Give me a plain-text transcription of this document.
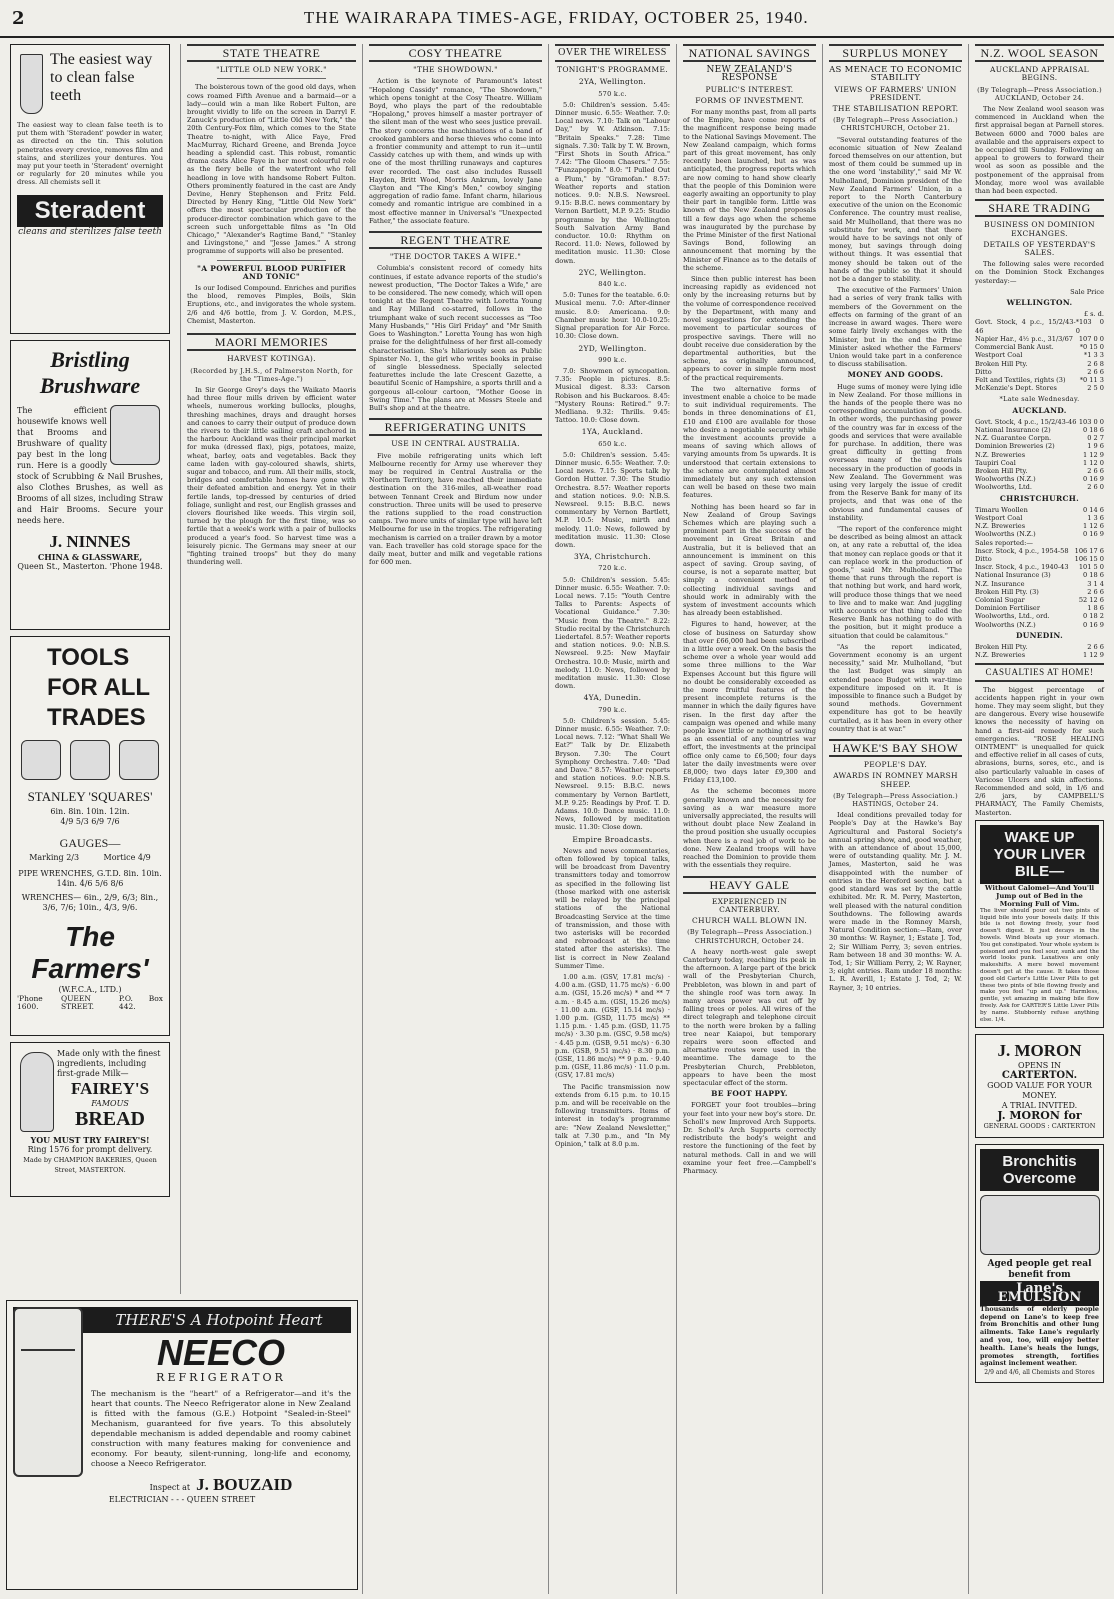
2	THE WAIRARAPA TIMES-AGE, FRIDAY, OCTOBER 25, 1940.
The easiest way to clean false teeth
The easiest way to clean false teeth is to put them with 'Steradent' powder in water, as directed on the tin. This solution penetrates every crevice, removes film and stains, and sterilizes your dentures. You may put your teeth in 'Steradent' overnight or regularly for 20 minutes while you dress. All chemists sell it
Steradent
cleans and sterilizes false teeth
Bristling Brushware
The efficient housewife knows well that Brooms and Brushware of quality pay best in the long run. Here is a goodly stock of Scrubbing & Nail Brushes, also Clothes Brushes, as well as Brooms of all sizes, including Straw and Hair Brooms. Secure your needs here.
J. NINNES
CHINA & GLASSWARE,
Queen St., Masterton. 'Phone 1948.
TOOLS FOR ALL TRADES
STANLEY 'SQUARES'
6in. 8in. 10in. 12in.
4/9 5/3 6/9 7/6
GAUGES—
Marking 2/3	Mortice 4/9
PIPE WRENCHES, G.T.D. 8in. 10in. 14in. 4/6 5/6 8/6
WRENCHES— 6in., 2/9, 6/3; 8in., 3/6, 7/6; 10in., 4/3, 9/6.
The Farmers'
(W.F.C.A., LTD.)
'Phone 1600.
QUEEN STREET.
P.O. Box 442.
Made only with the finest ingredients, including first-grade Milk—
FAIREY'S
FAMOUS
BREAD
YOU MUST TRY FAIREY'S!
Ring 1576 for prompt delivery.
Made by CHAMPION BAKERIES, Queen Street, MASTERTON.
THERE'S A Hotpoint Heart
NEECO
REFRIGERATOR
The mechanism is the "heart" of a Refrigerator—and it's the heart that counts. The Neeco Refrigerator alone in New Zealand is fitted with the famous (G.E.) Hotpoint "Sealed-in-Steel" Mechanism, guaranteed for five years. To this absolutely dependable mechanism is added dependable and roomy cabinet construction with many features making for convenience and economy. For beauty, silent-running, long-life and economy, choose a Neeco Refrigerator.
Inspect at J. BOUZAID
ELECTRICIAN - - - QUEEN STREET
STATE THEATRE
"LITTLE OLD NEW YORK."
The boisterous town of the good old days, when cows roamed Fifth Avenue and a barmaid—or a lady—could win a man like Robert Fulton, are brought vividly to life on the screen in Darryl F. Zanuck's production of "Little Old New York," the 20th Century-Fox film, which comes to the State Theatre to-night, with Alice Faye, Fred MacMurray, Richard Greene, and Brenda Joyce heading a splendid cast. This robust, romantic drama casts Alice Faye in her most colourful role as the fiery belle of the waterfront who fell headlong in love with handsome Robert Fulton. Others prominently featured in the cast are Andy Devine, Henry Stephenson and Fritz Feld. Directed by Henry King, "Little Old New York" offers the most spectacular production of the producer-director combination which gave to the screen such unforgettable films as "In Old Chicago," "Alexander's Ragtime Band," "Stanley and Livingstone," and "Jesse James." A strong programme of supports will also be presented.
"A POWERFUL BLOOD PURIFIER AND TONIC"
Is our Iodised Compound. Enriches and purifies the blood, removes Pimples, Boils, Skin Eruptions, etc., and invigorates the whole system. 2/6 and 4/6 bottle, from J. V. Gordon, M.P.S., Chemist, Masterton.
MAORI MEMORIES
HARVEST KOTINGA).
(Recorded by J.H.S., of Palmerston North, for the "Times-Age.")
In Sir George Grey's days the Waikato Maoris had three flour mills driven by efficient water wheels, numerous working bullocks, ploughs, threshing machines, drays and draught horses and canoes to carry their output of produce down the rivers to their little sailing craft anchored in the harbour. Auckland was their principal market for muka (dressed flax), pigs, potatoes, maize, wheat, barley, oats and vegetables. Back they came laden with gay-coloured shawls, shirts, sugar and tobacco, and rum. All their mills, stock, bridges and comfortable homes have gone with their defeated ambition and energy. Yet in their fertile lands, top-dressed by centuries of dried foliage, sunlight and rest, our English grasses and clovers flourished like weeds. This virgin soil, turned by the plough for the first time, was so fertile that a week's work with a pair of bullocks produced a year's food. So harvest time was a leisurely picnic. The Germans may sneer at our "fighting trained troops" but they do many thundering well.
COSY THEATRE
"THE SHOWDOWN."
Action is the keynote of Paramount's latest "Hopalong Cassidy" romance, "The Showdown," which opens tonight at the Cosy Theatre. William Boyd, who plays the part of the redoubtable "Hopalong," proves himself a master portrayer of the silent man of the west who sees justice prevail. The story concerns the machinations of a band of crooked gamblers and horse thieves who come into a frontier community and attempt to run it—until Cassidy catches up with them, and winds up with one of the most thrilling runaways and captures ever recorded. The cast also includes Russell Hayden, Britt Wood, Morris Ankrum, lovely Jane Clayton and "The King's Men," cowboy singing aggregation of radio fame. Infant charm, hilarious comedy and romantic intrigue are combined in a most effective manner in Universal's "Unexpected Father," the associate feature.
REGENT THEATRE
"THE DOCTOR TAKES A WIFE."
Columbia's consistent record of comedy hits continues, if estate advance reports of the studio's newest production, "The Doctor Takes a Wife," are to be considered. The new comedy, which will open tonight at the Regent Theatre with Loretta Young and Ray Milland co-starred, follows in the triumphant wake of such recent successes as "Too Many Husbands," "His Girl Friday" and "Mr Smith Goes to Washington." Loretta Young has won high praise for the delightfulness of her first all-comedy characterisation. She's hilariously seen as Public Spinster No. 1, the girl who writes books in praise of single blessedness. Specially selected featurettes include the late Crescent Gazette, a beautiful Scenic of Hampshire, a sports thrill and a gorgeous all-colour cartoon, "Mother Goose in Swing Time." The plans are at Messrs Steele and Bull's shop and at the theatre.
REFRIGERATING UNITS
USE IN CENTRAL AUSTRALIA.
Five mobile refrigerating units which left Melbourne recently for Army use wherever they may be required in Central Australia or the Northern Territory, have reached their immediate destination on the 316-miles, all-weather road between Tennant Creek and Birdum now under construction. Three units will be used to preserve the rations supplied to the road construction camps. Two more units of similar type will have left Melbourne for use in the tropics. The refrigerating mechanism is carried on a trailer drawn by a motor van. Each traveller has cold storage space for the daily meat, butter and milk and vegetable rations for 600 men.
OVER THE WIRELESS
TONIGHT'S PROGRAMME.
2YA, Wellington.
570 k.c.
5.0: Children's session. 5.45: Dinner music. 6.55: Weather. 7.0: Local news. 7.10: Talk on "Labour Day," by W. Atkinson. 7.15: "Britain Speaks." 7.28: Time signals. 7.30: Talk by T. W. Brown, "First Shots in South Africa." 7.42: "The Gloom Chasers." 7.55: "Funzapoppin." 8.0: "I Pulled Out a Plum," by "Gramofan." 8.57: Weather reports and station notices. 9.0: N.B.S. Newsreel. 9.15: B.B.C. news commentary by Vernon Bartlett, M.P. 9.25: Studio programme by the Wellington South Salvation Army Band conductor. 10.0: Rhythm on Record. 11.0: News, followed by meditation music. 11.30: Close down.
2YC, Wellington.
840 k.c.
5.0: Tunes for the teatable. 6.0: Musical menu. 7.0: After-dinner music. 8.0: Americana. 9.0: Chamber music hour. 10.0-10.25: Signal preparation for Air Force. 10.30: Close down.
2YD, Wellington.
990 k.c.
7.0: Showmen of syncopation. 7.35: People in pictures. 8.5: Musical digest. 8.33: Carson Robison and his Buckaroos. 8.45: "Mystery Rouns: Retired." 9.7: Medliana. 9.32: Thrills. 9.45: Tattoo. 10.0: Close down.
1YA, Auckland.
650 k.c.
5.0: Children's session. 5.45: Dinner music. 6.55: Weather. 7.0: Local news. 7.15: Sports talk by Gordon Hutter. 7.30: The Studio Orchestra. 8.57: Weather reports and station notices. 9.0: N.B.S. Newsreel. 9.15: B.B.C. news commentary by Vernon Bartlett, M.P. 10.5: Music, mirth and melody. 11.0: News, followed by meditation music. 11.30: Close down.
3YA, Christchurch.
720 k.c.
5.0: Children's session. 5.45: Dinner music. 6.55: Weather. 7.0: Local news. 7.15: "Youth Centre Talks to Parents: Aspects of Vocational Guidance." 7.30: "Music from the Theatre." 8.22: Studio recital by the Christchurch Liedertafel. 8.57: Weather reports and station notices. 9.0: N.B.S. Newsreel. 9.25: New Mayfair Orchestra. 10.0: Music, mirth and melody. 11.0: News, followed by meditation music. 11.30: Close down.
4YA, Dunedin.
790 k.c.
5.0: Children's session. 5.45: Dinner music. 6.55: Weather. 7.0: Local news. 7.12: "What Shall We Eat?" Talk by Dr. Elizabeth Bryson. 7.30: The Court Symphony Orchestra. 7.40: "Dad and Dave." 8.57: Weather reports and station notices. 9.0: N.B.S. Newsreel. 9.15: B.B.C. news commentary by Vernon Bartlett, M.P. 9.25: Readings by Prof. T. D. Adams. 10.0: Dance music. 11.0: News, followed by meditation music. 11.30: Close down.
Empire Broadcasts.
News and news commentaries, often followed by topical talks, will be broadcast from Daventry transmitters today and tomorrow as specified in the following list (those marked with one asterisk will be relayed by the principal stations of the National Broadcasting Service at the time of transmission, and those with two asterisks will be recorded and rebroadcast at the time stated after the asterisks). The list is correct in New Zealand Summer Time.
1.00 a.m. (GSV, 17.81 mc/s) · 4.00 a.m. (GSD, 11.75 mc/s) · 6.00 a.m. (GSI, 15.26 mc/s) * and ** 7 a.m. · 8.45 a.m. (GSI, 15.26 mc/s) · 11.00 a.m. (GSF, 15.14 mc/s) · 1.00 p.m. (GSD, 11.75 mc/s) ** 1.15 p.m. · 1.45 p.m. (GSD, 11.75 mc/s) · 3.30 p.m. (GSC, 9.58 mc/s) · 4.45 p.m. (GSB, 9.51 mc/s) · 6.30 p.m. (GSB, 9.51 mc/s) · 8.30 p.m. (GSE, 11.86 mc/s) ** 9 p.m. · 9.40 p.m. (GSE, 11.86 mc/s) · 11.0 p.m. (GSV, 17.81 mc/s)
The Pacific transmission now extends from 6.15 p.m. to 10.15 p.m. and will be receivable on the following transmitters. Items of interest in today's programme are: "New Zealand Newsletter," talk at 7.30 p.m., and "In My Opinion," talk at 8.0 p.m.
NATIONAL SAVINGS
NEW ZEALAND'S RESPONSE
PUBLIC'S INTEREST.
FORMS OF INVESTMENT.
For many months past, from all parts of the Empire, have come reports of the magnificent response being made to the National Savings Movement. The New Zealand campaign, which forms part of this great movement, has only recently been launched, but as was anticipated, the progress reports which are now coming to hand show clearly that the people of this Dominion were eagerly awaiting an opportunity to play their part in tangible form. Little was known of the New Zealand proposals till a few days ago when the scheme was inaugurated by the purchase by the Prime Minister of the first National Savings Bond, following an announcement that morning by the Minister of Finance as to the details of the scheme.
Since then public interest has been increasing rapidly as evidenced not only by the increasing returns but by the volume of correspondence received by the Department, with many and novel suggestions for extending the movement to particular sources of prospective savings. There will no doubt receive due consideration by the departmental authorities, but the scheme, as originally announced, appears to cover in simple form most of the practical requirements.
The two alternative forms of investment enable a choice to be made to suit individual requirements. The bonds in three denominations of £1, £10 and £100 are available for those who desire a negotiable security while the investment accounts provide a means of saving which allows of varying amounts from 5s upwards. It is understood that certain extensions to the scheme are contemplated almost immediately but any such extension can well be based on these two main features.
Nothing has been heard so far in New Zealand of Group Savings Schemes which are playing such a prominent part in the success of the movement in Great Britain and Australia, but it is believed that an announcement is imminent on this aspect of saving. Group saving, of course, is not a separate matter, but simply a convenient method of collecting individual savings and should work in admirably with the system of investment accounts which has already been established.
Figures to hand, however, at the close of business on Saturday show that over £66,000 had been subscribed in a little over a week. On the basis the scheme over a whole year would add some three millions to the War Expenses Account but this figure will no doubt be considerably exceeded as the more fruitful features of the present incomplete returns is the manner in which the daily figures have risen. In the first day after the campaign was opened and while many people knew little or nothing of saving as an essential of any countries war effort, the investments at the principal office only came to £6,500; four days later the daily investments were over £8,000; two days later £9,300 and Friday £13,100.
As the scheme becomes more generally known and the necessity for saving as a war measure more universally appreciated, the results will without doubt place New Zealand in the proud position she usually occupies when there is a real job of work to be done. New Zealand troops will have reached the Dominion to provide them with the essentials they require.
HEAVY GALE
EXPERIENCED IN CANTERBURY.
CHURCH WALL BLOWN IN.
(By Telegraph—Press Association.) CHRISTCHURCH, October 24.
A heavy north-west gale swept Canterbury today, reaching its peak in the afternoon. A large part of the brick wall of the Presbyterian Church, Prebbleton, was blown in and part of the shingle roof was torn away. In many areas power was cut off by falling trees or poles. All wires of the direct telegraph and telephone circuit to the north were broken by a falling tree near Kaiapoi, but temporary repairs were soon effected and alternative routes were used in the meantime. The damage to the Presbyterian Church, Prebbleton, appears to have been the most spectacular effect of the storm.
BE FOOT HAPPY.
FORGET your foot troubles—bring your feet into your new boy's store. Dr. Scholl's new Improved Arch Supports. Dr. Scholl's Arch Supports correctly redistribute the body's weight and restore the functioning of the feet by natural methods. Call in and we will examine your feet free.—Campbell's Pharmacy.
SURPLUS MONEY
AS MENACE TO ECONOMIC STABILITY
VIEWS OF FARMERS' UNION PRESIDENT.
THE STABILISATION REPORT.
(By Telegraph—Press Association.) CHRISTCHURCH, October 21.
"Several outstanding features of the economic situation of New Zealand forced themselves on our attention, but most of them could be summed up in the one word 'instability'," said Mr W. Mulholland, Dominion president of the New Zealand Farmers' Union, in a report to the North Canterbury executive of the union on the Economic Conference. The country must realise, said Mr Mulholland, that there was no substitute for work, and that there would have to be savings not only of money, but savings through doing without things. It was essential that money should be taken out of the hands of the public so that it should not be a danger to stability.
The executive of the Farmers' Union had a series of very frank talks with members of the Government on the effects on farming of the grant of an increase in award wages. There were some fairly lively exchanges with the Minister, but in the end the Prime Minister asked whether the Farmers' Union would take part in a conference to discuss stabilisation.
MONEY AND GOODS.
Huge sums of money were lying idle in New Zealand. For those millions in the hands of the people there was no corresponding accumulation of goods. In other words, the purchasing power of the country was far in excess of the goods and services that were available for purchase. In addition, there was great difficulty in getting from overseas many of the materials necessary in the production of goods in New Zealand. The Government was using very largely the issue of credit from the Reserve Bank for many of its projects, and that was one of the obvious and fundamental causes of instability.
"The report of the conference might be described as being almost an attack on, at any rate a rebuttal of, the idea that money can replace goods or that it can replace work in the production of goods," said Mr. Mulholland. "The theme that runs through the report is that nothing but work, and hard work, will produce those things that we need to live and to make war. And juggling with accounts or that thing called the Reserve Bank has nothing to do with the position, but it might produce a situation that could be calamitous."
"As the report indicated, Government economy is an urgent necessity," said Mr. Mulholland, "but the last Budget was simply an extended peace Budget with war-time expenditure imposed on it. It is impossible to finance such a Budget by sound methods. Government expenditure has got to be heavily curtailed, as it has been in every other country that is at war."
HAWKE'S BAY SHOW
PEOPLE'S DAY.
AWARDS IN ROMNEY MARSH SHEEP.
(By Telegraph—Press Association.) HASTINGS, October 24.
Ideal conditions prevailed today for People's Day at the Hawke's Bay Agricultural and Pastoral Society's annual spring show, and, good weather, with an attendance of about 15,000, were of outstanding quality. Mr. J. M. James, Masterton, said he was disappointed with the number of entries in the Hereford section, but a good standard was set by the cattle exhibited. Mr. R. M. Perry, Masterton, well pleased with the natural condition Southdowns. The following awards were made in the Romney Marsh, Natural Condition section:—Ram, over 30 months: W. Rayner, 1; Estate J. Tod, 2; Sir William Perry, 3; seven entries. Ram between 18 and 30 months: W. A. Tod, 1; Sir William Perry, 2; W. Rayner, 3; eight entries. Ram under 18 months: L. R. Averill, 1; Estate J. Tod, 2; W. Rayner, 3; 10 entries.
N.Z. WOOL SEASON
AUCKLAND APPRAISAL BEGINS.
(By Telegraph—Press Association.) AUCKLAND, October 24.
The New Zealand wool season was commenced in Auckland when the first appraisal began at Parnell stores. Between 6000 and 7000 bales are available and the appraisers expect to be occupied till Sunday. Following an appeal to growers to forward their wool as soon as possible and the postponement of the appraisal from Monday, more wool was available than had been expected.
SHARE TRADING
BUSINESS ON DOMINION EXCHANGES.
DETAILS OF YESTERDAY'S SALES.
The following sales were recorded on the Dominion Stock Exchanges yesterday:—
Sale Price
WELLINGTON.
£ s. d.
Govt. Stock, 4 p.c., 15/2/43-46
*103 0 0
Napier Har., 4½ p.c., 31/3/67 107 0 0
Commercial Bank Aust.	*0 15 0
Westport Coal	*1 3 3
Broken Hill Pty.	2 6 8
Ditto	2 6 6
Felt and Textiles, rights (3) *0 11 3
McKenzie's Dept. Stores	2 5 0
*Late sale Wednesday.
AUCKLAND.
Govt. Stock, 4 p.c., 15/2/43-46 103 0 0
National Insurance (2)	0 18 6
N.Z. Guarantee Corpn.	0 2 7
Dominion Breweries (2)	1 9 6
N.Z. Breweries	1 12 9
Taupiri Coal	1 12 0
Broken Hill Pty.	2 6 6
Woolworths (N.Z.)	0 16 9
Woolworths, Ltd.	2 6 0
CHRISTCHURCH.
Timaru Woollen	0 14 6
Westport Coal	1 3 6
N.Z. Breweries	1 12 6
Woolworths (N.Z.)	0 16 9
Sales reported:—
Inscr. Stock, 4 p.c., 1954-58 106 17 6
Ditto	106 15 0
Inscr. Stock, 4 p.c., 1940-43 101 5 0
National Insurance (3)	0 18 6
N.Z. Insurance	3 1 4
Broken Hill Pty. (3)	2 6 6
Colonial Sugar	52 12 6
Dominion Fertiliser	1 8 6
Woolworths, Ltd., ord.	0 18 2
Woolworths (N.Z.)	0 16 9
DUNEDIN.
Broken Hill Pty.	2 6 6
N.Z. Breweries	1 12 9
CASUALTIES AT HOME!
The biggest percentage of accidents happen right in your own home. They may seem slight, but they are dangerous. Every wise housewife knows the necessity of having on hand a first-aid remedy for such emergencies. "ROSE HEALING OINTMENT" is unequalled for quick and effective relief in all cases of cuts, abrasions, burns, sores, etc., and is also particularly valuable in cases of Varicose Ulcers and skin affections. Recommended and sold, in 1/6 and 2/6 jars, by CAMPBELL'S PHARMACY, The Family Chemists, Masterton.
WAKE UP YOUR LIVER BILE—
Without Calomel—And You'll Jump out of Bed in the Morning Full of Vim.
The liver should pour out two pints of liquid bile into your bowels daily. If this bile is not flowing freely, your food doesn't digest. It just decays in the bowels. Wind bloats up your stomach. You get constipated. Your whole system is poisoned and you feel sour, sunk and the world looks punk. Laxatives are only makeshifts. A mere bowel movement doesn't get at the cause. It takes those good old Carter's Little Liver Pills to get these two pints of bile flowing freely and make you feel "up and up." Harmless, gentle, yet amazing in making bile flow freely. Ask for CARTER'S Little Liver Pills by name. Stubbornly refuse anything else. 1/4.
J. MORON
OPENS IN
CARTERTON.
GOOD VALUE FOR YOUR MONEY.
A TRIAL INVITED.
J. MORON for
GENERAL GOODS : CARTERTON
Bronchitis Overcome
Aged people get real benefit from
Lane's EMULSION
Thousands of elderly people depend on Lane's to keep free from Bronchitis and other lung ailments. Take Lane's regularly and you, too, will enjoy better health. Lane's heals the lungs, promotes strength, fortifies against inclement weather.
2/9 and 4/6, all Chemists and Stores
